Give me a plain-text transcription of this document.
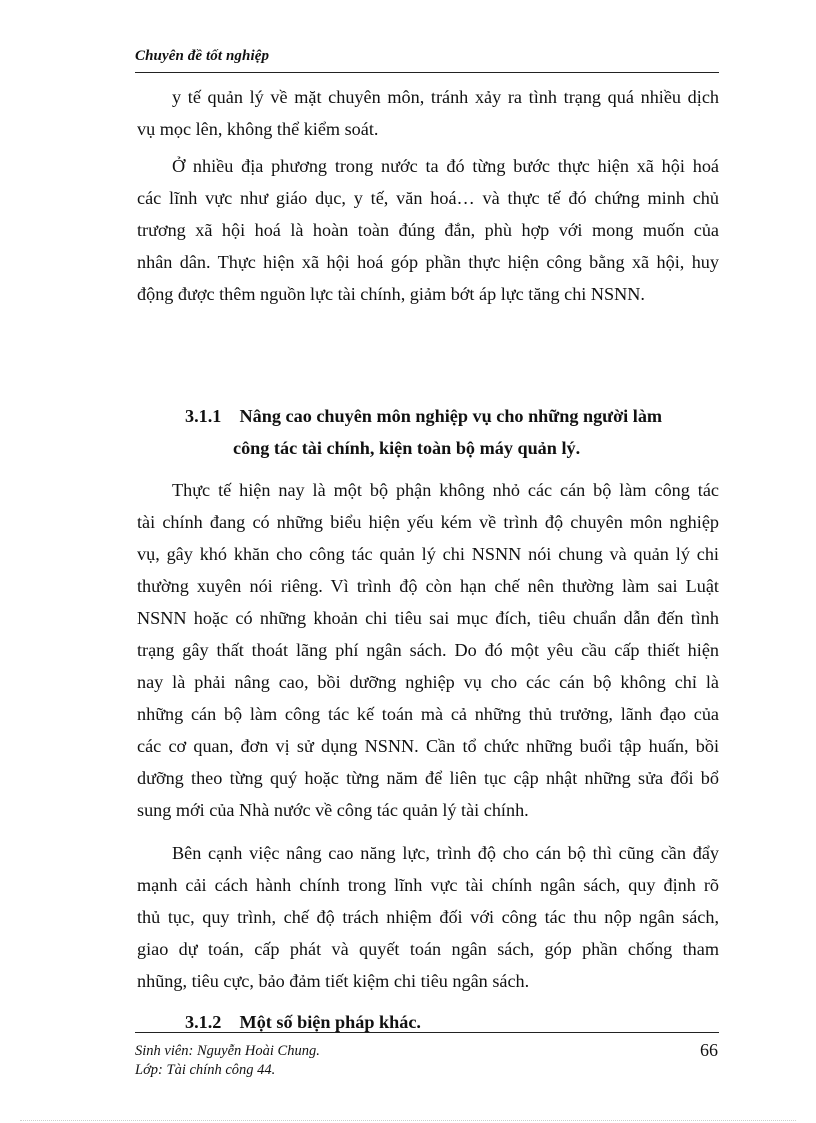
Chuyên đề tốt nghiệp
y tế quản lý về mặt chuyên môn, tránh xảy ra tình trạng quá nhiều dịch
vụ mọc lên, không thể kiểm soát.
Ở nhiều địa phương trong nước ta đó từng bước thực hiện xã hội hoá
các lĩnh vực như giáo dục, y tế, văn hoá… và thực tế đó chứng minh chủ
trương xã hội hoá là hoàn toàn đúng đắn, phù hợp với mong muốn của
nhân dân. Thực hiện xã hội hoá góp phần thực hiện công bằng xã hội, huy
động được thêm nguồn lực tài chính, giảm bớt áp lực tăng chi NSNN.
3.1.1 Nâng cao chuyên môn nghiệp vụ cho những người làm
công tác tài chính, kiện toàn bộ máy quản lý.
Thực tế hiện nay là một bộ phận không nhỏ các cán bộ làm công tác
tài chính đang có những biểu hiện yếu kém về trình độ chuyên môn nghiệp
vụ, gây khó khăn cho công tác quản lý chi NSNN nói chung và quản lý chi
thường xuyên nói riêng. Vì trình độ còn hạn chế nên thường làm sai Luật
NSNN hoặc có những khoản chi tiêu sai mục đích, tiêu chuẩn dẫn đến tình
trạng gây thất thoát lãng phí ngân sách. Do đó một yêu cầu cấp thiết hiện
nay là phải nâng cao, bồi dưỡng nghiệp vụ cho các cán bộ không chỉ là
những cán bộ làm công tác kế toán mà cả những thủ trưởng, lãnh đạo của
các cơ quan, đơn vị sử dụng NSNN. Cần tổ chức những buổi tập huấn, bồi
dưỡng theo từng quý hoặc từng năm để liên tục cập nhật những sửa đổi bổ
sung mới của Nhà nước về công tác quản lý tài chính.
Bên cạnh việc nâng cao năng lực, trình độ cho cán bộ thì cũng cần đẩy
mạnh cải cách hành chính trong lĩnh vực tài chính ngân sách, quy định rõ
thủ tục, quy trình, chế độ trách nhiệm đối với công tác thu nộp ngân sách,
giao dự toán, cấp phát và quyết toán ngân sách, góp phần chống tham
nhũng, tiêu cực, bảo đảm tiết kiệm chi tiêu ngân sách.
3.1.2 Một số biện pháp khác.
Sinh viên: Nguyễn Hoài Chung.
Lớp: Tài chính công 44.
66
